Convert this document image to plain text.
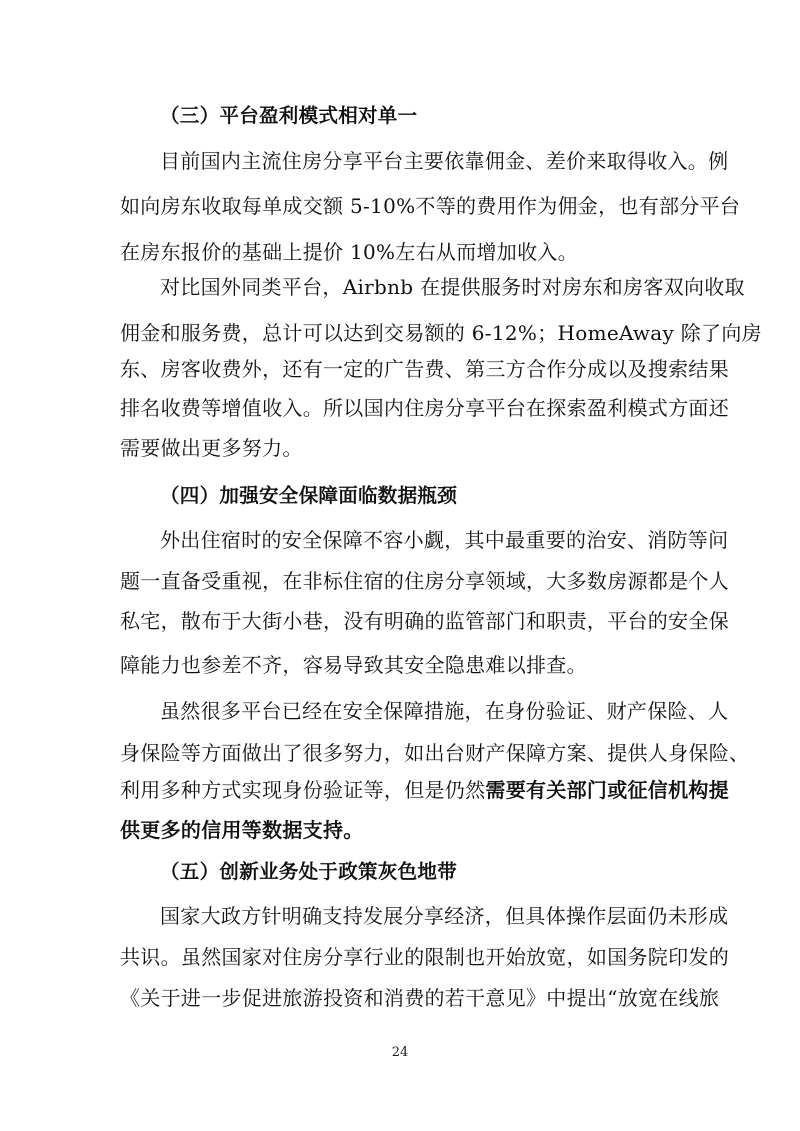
（三）平台盈利模式相对单一
目前国内主流住房分享平台主要依靠佣金、差价来取得收入。例
如向房东收取每单成交额 5-10%不等的费用作为佣金，也有部分平台
在房东报价的基础上提价 10%左右从而增加收入。
对比国外同类平台，Airbnb 在提供服务时对房东和房客双向收取
佣金和服务费，总计可以达到交易额的 6-12%；HomeAway 除了向房
东、房客收费外，还有一定的广告费、第三方合作分成以及搜索结果
排名收费等增值收入。所以国内住房分享平台在探索盈利模式方面还
需要做出更多努力。
（四）加强安全保障面临数据瓶颈
外出住宿时的安全保障不容小觑，其中最重要的治安、消防等问
题一直备受重视，在非标住宿的住房分享领域，大多数房源都是个人
私宅，散布于大街小巷，没有明确的监管部门和职责，平台的安全保
障能力也参差不齐，容易导致其安全隐患难以排查。
虽然很多平台已经在安全保障措施，在身份验证、财产保险、人
身保险等方面做出了很多努力，如出台财产保障方案、提供人身保险、
利用多种方式实现身份验证等，但是仍然需要有关部门或征信机构提
供更多的信用等数据支持。
（五）创新业务处于政策灰色地带
国家大政方针明确支持发展分享经济，但具体操作层面仍未形成
共识。虽然国家对住房分享行业的限制也开始放宽，如国务院印发的
《关于进一步促进旅游投资和消费的若干意见》中提出“放宽在线旅
24
